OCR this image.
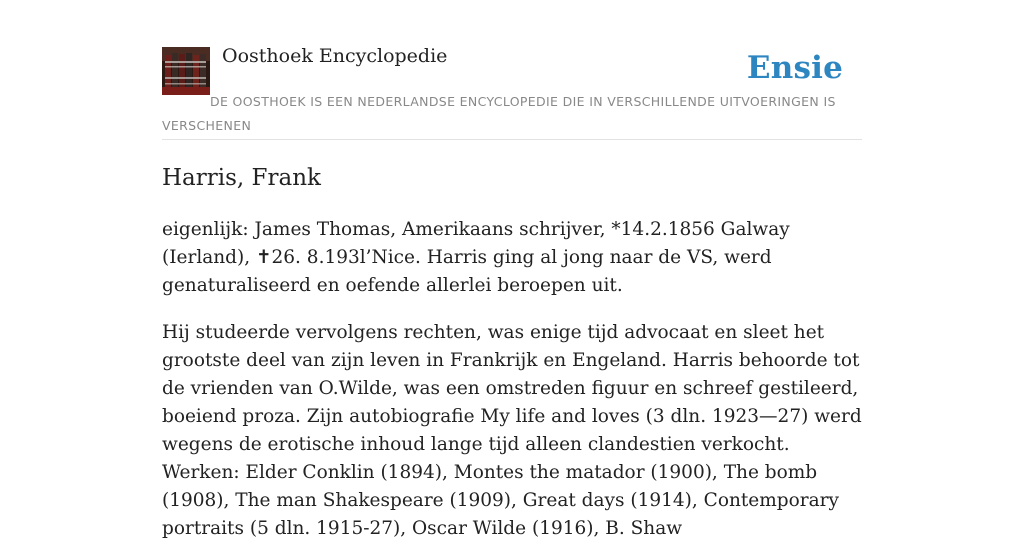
Oosthoek Encyclopedie	Ensie
DE OOSTHOEK IS EEN NEDERLANDSE ENCYCLOPEDIE DIE IN VERSCHILLENDE UITVOERINGEN IS VERSCHENEN
Harris, Frank

eigenlijk: James Thomas, Amerikaans schrijver, *14.2.1856 Galway (Ierland), ✝26. 8.193l’Nice. Harris ging al jong naar de VS, werd genaturaliseerd en oefende allerlei beroepen uit.

Hij studeerde vervolgens rechten, was enige tijd advocaat en sleet het grootste deel van zijn leven in Frankrijk en Engeland. Harris behoorde tot de vrienden van O.Wilde, was een omstreden figuur en schreef gestileerd, boeiend proza. Zijn autobiografie My life and loves (3 dln. 1923—27) werd wegens de erotische inhoud lange tijd alleen clandestien verkocht. Werken: Elder Conklin (1894), Montes the matador (1900), The bomb (1908), The man Shakespeare (1909), Great days (1914), Contemporary portraits (5 dln. 1915-27), Oscar Wilde (1916), B. Shaw
